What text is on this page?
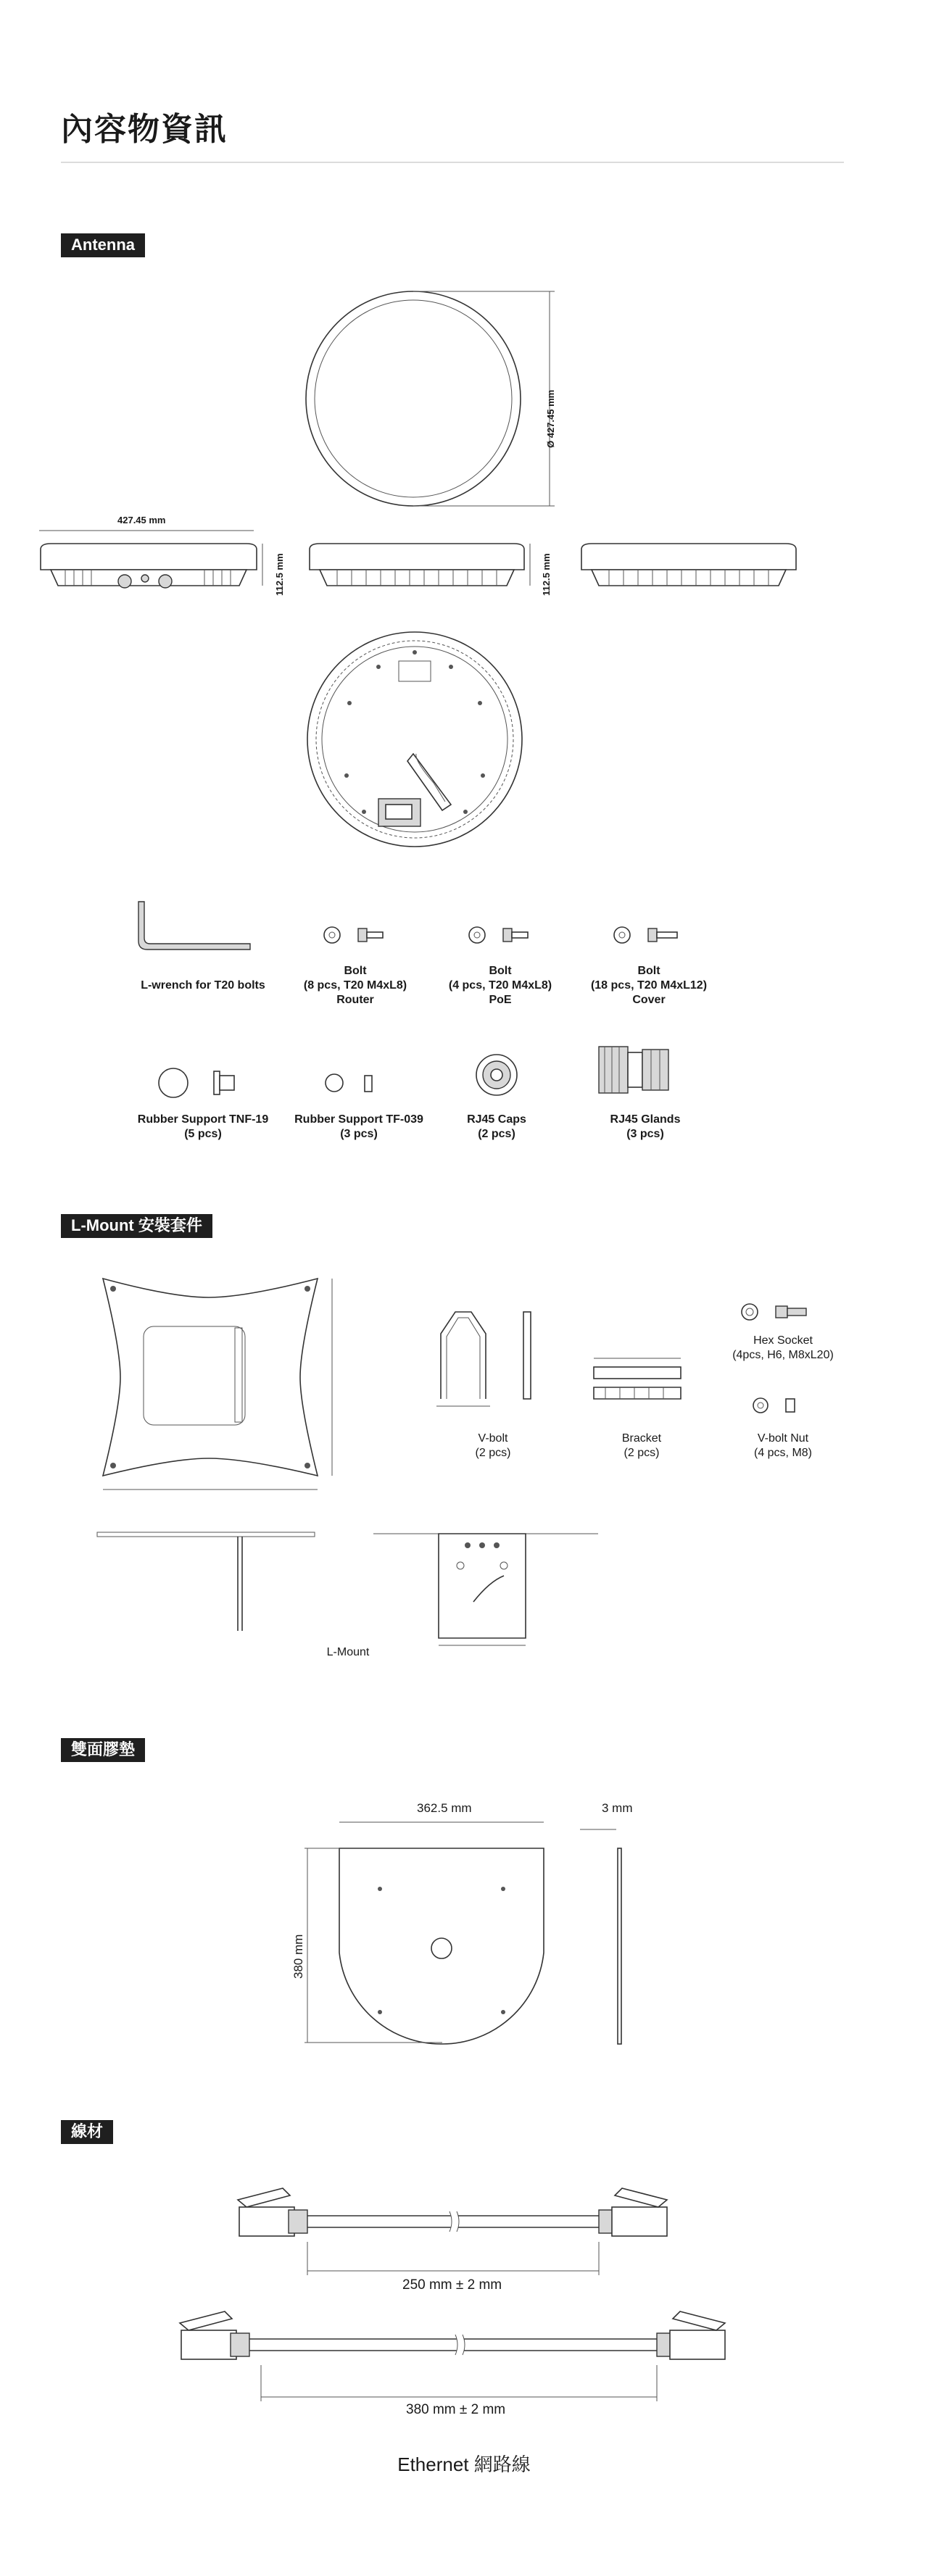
內容物資訊
Antenna
Ø 427.45 mm
427.45 mm
112.5 mm	112.5 mm
L-wrench for T20 bolts
Bolt
(8 pcs, T20 M4xL8)
Router
Bolt
(4 pcs, T20 M4xL8)
PoE
Bolt
(18 pcs, T20 M4xL12)
Cover
Rubber Support TNF-19
(5 pcs)
Rubber Support TF-039
(3 pcs)
RJ45 Caps
(2 pcs)
RJ45 Glands
(3 pcs)
L-Mount 安裝套件
V-bolt
(2 pcs)
Bracket
(2 pcs)
Hex Socket
(4pcs, H6, M8xL20)
V-bolt Nut
(4 pcs, M8)
L-Mount
雙面膠墊
362.5 mm	3 mm
380 mm
線材
250 mm ± 2 mm
380 mm ± 2 mm
Ethernet 網路線
